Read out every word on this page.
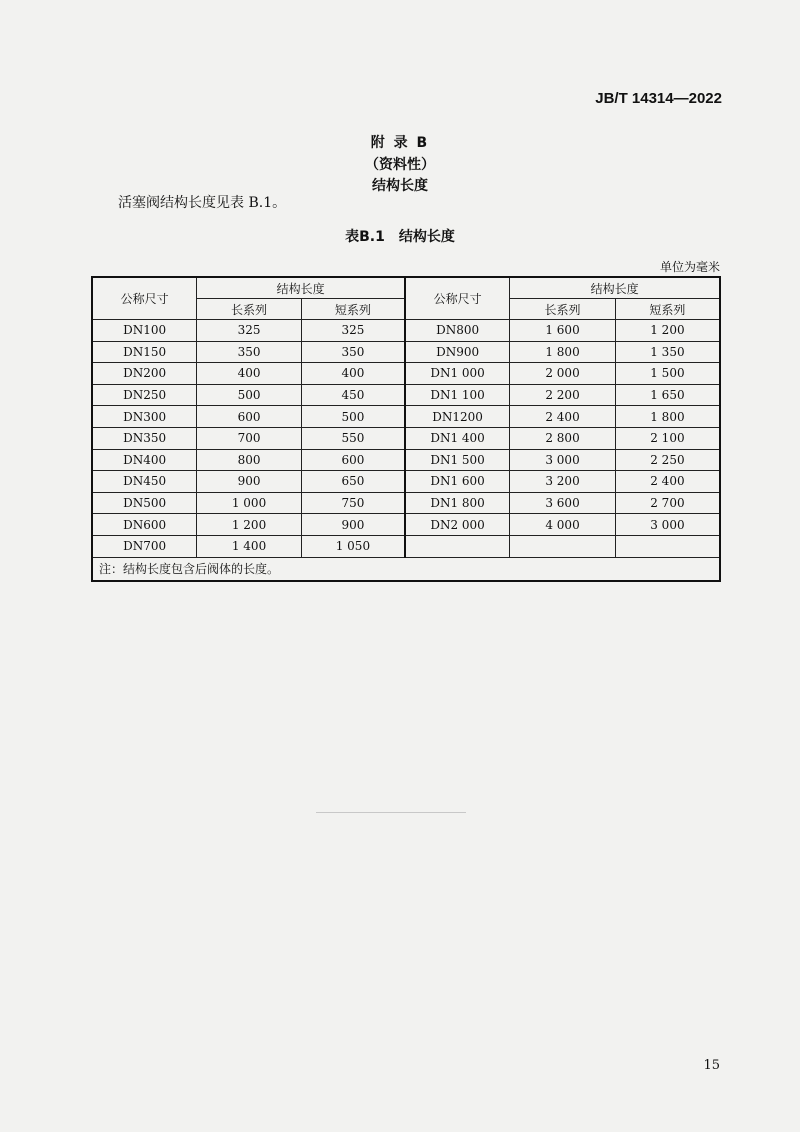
JB/T 14314—2022
附 录 B
（资料性）
结构长度
活塞阀结构长度见表 B.1。
表B.1　结构长度
单位为毫米
公称尺寸	结构长度		公称尺寸	结构长度	
	长系列	短系列		长系列	短系列
DN100	325	325	DN800	1 600	1 200
DN150	350	350	DN900	1 800	1 350
DN200	400	400	DN1 000	2 000	1 500
DN250	500	450	DN1 100	2 200	1 650
DN300	600	500	DN1200	2 400	1 800
DN350	700	550	DN1 400	2 800	2 100
DN400	800	600	DN1 500	3 000	2 250
DN450	900	650	DN1 600	3 200	2 400
DN500	1 000	750	DN1 800	3 600	2 700
DN600	1 200	900	DN2 000	4 000	3 000
DN700	1 400	1 050			
注：结构长度包含后阀体的长度。					
15
